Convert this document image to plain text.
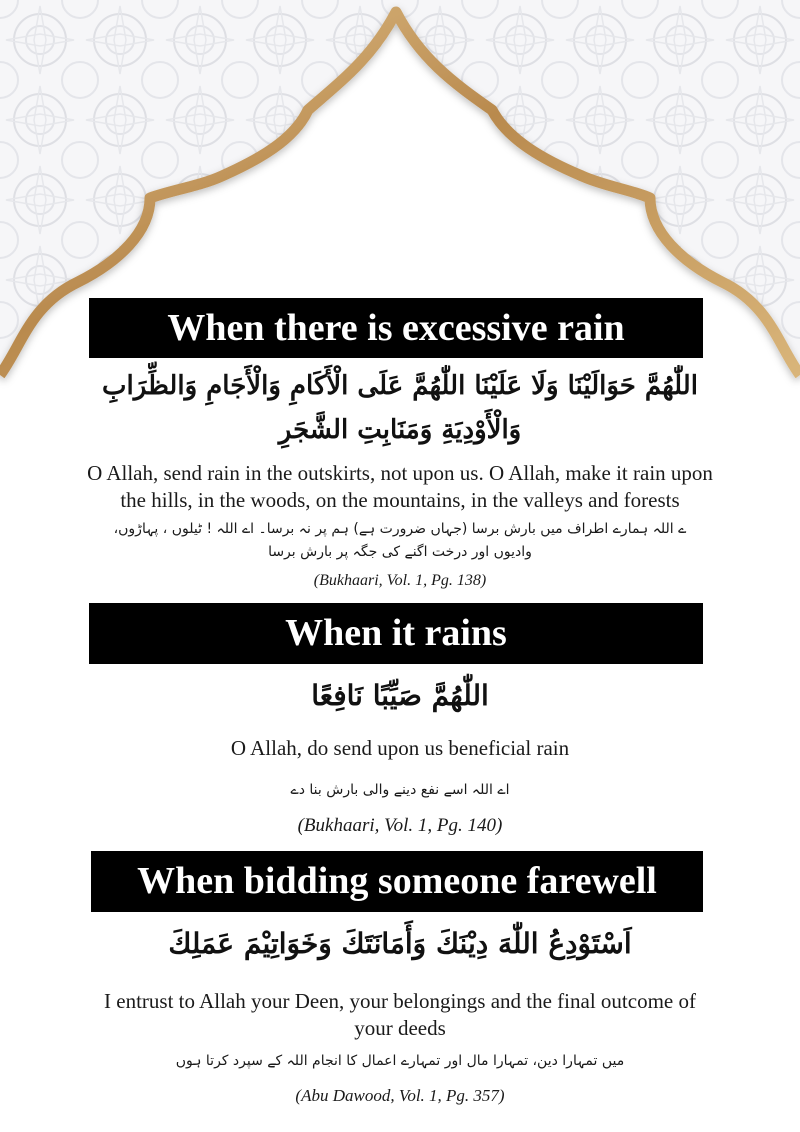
When there is excessive rain
اللّٰهُمَّ حَوَالَيْنَا وَلَا عَلَيْنَا اللّٰهُمَّ عَلَى الْأَكَامِ وَالْأَجَامِ وَالظِّرَابِ
وَالْأَوْدِيَةِ وَمَنَابِتِ الشَّجَرِ
O Allah, send rain in the outskirts, not upon us. O Allah, make it rain upon the hills, in the woods, on the mountains, in the valleys and forests
ے اللہ ہمارے اطراف میں بارش برسا (جہاں ضرورت ہے) ہم پر نہ برسا۔ اے اللہ ! ٹیلوں ، پہاڑوں،
وادیوں اور درخت اگنے کی جگہ پر بارش برسا
(Bukhaari, Vol. 1, Pg. 138)
When it rains
اللّٰهُمَّ صَيِّبًا نَافِعًا
O Allah, do send upon us beneficial rain
اے اللہ اسے نفع دینے والی بارش بنا دے
(Bukhaari, Vol. 1, Pg. 140)
When bidding someone farewell
اَسْتَوْدِعُ اللّٰهَ دِيْنَكَ وَأَمَانَتَكَ وَخَوَاتِيْمَ عَمَلِكَ
I entrust to Allah your Deen, your belongings and the final outcome of your deeds
میں تمہارا دین، تمہارا مال اور تمہارے اعمال کا انجام اللہ کے سپرد کرتا ہوں
(Abu Dawood, Vol. 1, Pg. 357)
